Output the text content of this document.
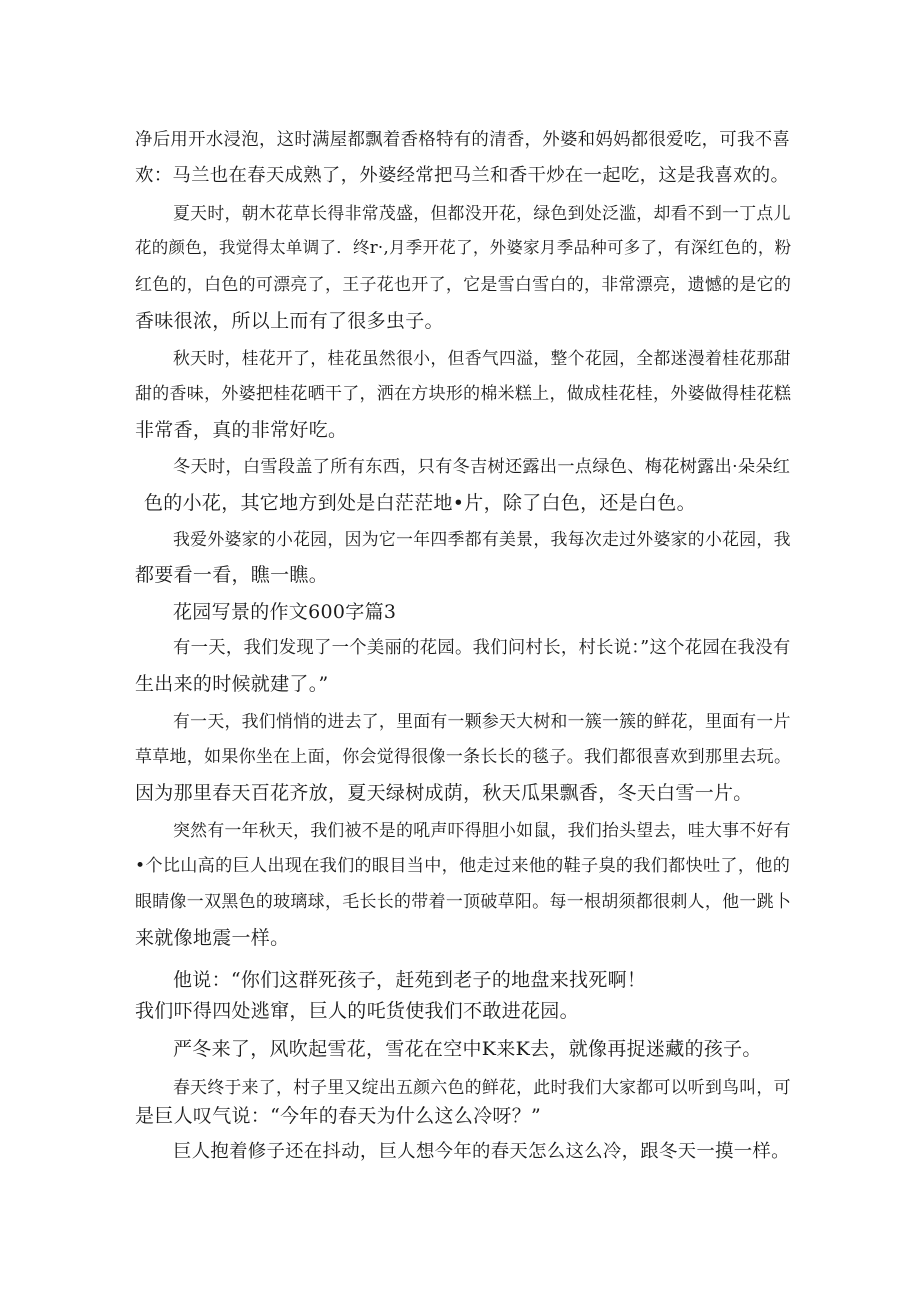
净后用开水浸泡，这时满屋都飘着香格特有的清香，外婆和妈妈都很爱吃，可我不喜

欢：马兰也在春天成熟了，外婆经常把马兰和香干炒在一起吃，这是我喜欢的。

夏天时，朝木花草长得非常茂盛，但都没开花，绿色到处泛滥，却看不到一丁点儿

花的颜色，我觉得太单调了．终r·,月季开花了，外婆家月季品种可多了，有深红色的，粉

红色的，白色的可漂亮了，王子花也开了，它是雪白雪白的，非常漂亮，遗憾的是它的

香味很浓，所以上而有了很多虫子。

秋天时，桂花开了，桂花虽然很小，但香气四溢，整个花园，全都迷漫着桂花那甜

甜的香味，外婆把桂花晒干了，洒在方块形的棉米糕上，做成桂花桂，外婆做得桂花糕

非常香，真的非常好吃。

冬天时，白雪段盖了所有东西，只有冬吉树还露出一点绿色、梅花树露出·朵朵红

色的小花，其它地方到处是白茫茫地•片，除了白色，还是白色。

我爱外婆家的小花园，因为它一年四季都有美景，我每次走过外婆家的小花园，我

都要看一看，瞧一瞧。

花园写景的作文600字篇3

有一天，我们发现了一个美丽的花园。我们问村长，村长说：”这个花园在我没有

生出来的时候就建了。”

有一天，我们悄悄的进去了，里面有一颗参天大树和一簇一簇的鲜花，里面有一片

草草地，如果你坐在上面，你会觉得很像一条长长的毯子。我们都很喜欢到那里去玩。

因为那里春天百花齐放，夏天绿树成荫，秋天瓜果飘香，冬天白雪一片。

突然有一年秋天，我们被不是的吼声吓得胆小如鼠，我们抬头望去，哇大事不好有

•个比山高的巨人出现在我们的眼目当中，他走过来他的鞋子臭的我们都快吐了，他的

眼睛像一双黑色的玻璃球，毛长长的带着一顶破草阳。每一根胡须都很刺人，他一跳卜

来就像地震一样。

他说：“你们这群死孩子，赶苑到老子的地盘来找死啊！

我们吓得四处逃窜，巨人的吒货使我们不敢进花园。

严冬来了，风吹起雪花，雪花在空中K来K去，就像再捉迷藏的孩子。

春天终于来了，村子里又绽出五颜六色的鲜花，此时我们大家都可以听到鸟叫，可

是巨人叹气说：“今年的春天为什么这么冷呀？”

巨人抱着修子还在抖动，巨人想今年的春天怎么这么冷，跟冬天一摸一样。
